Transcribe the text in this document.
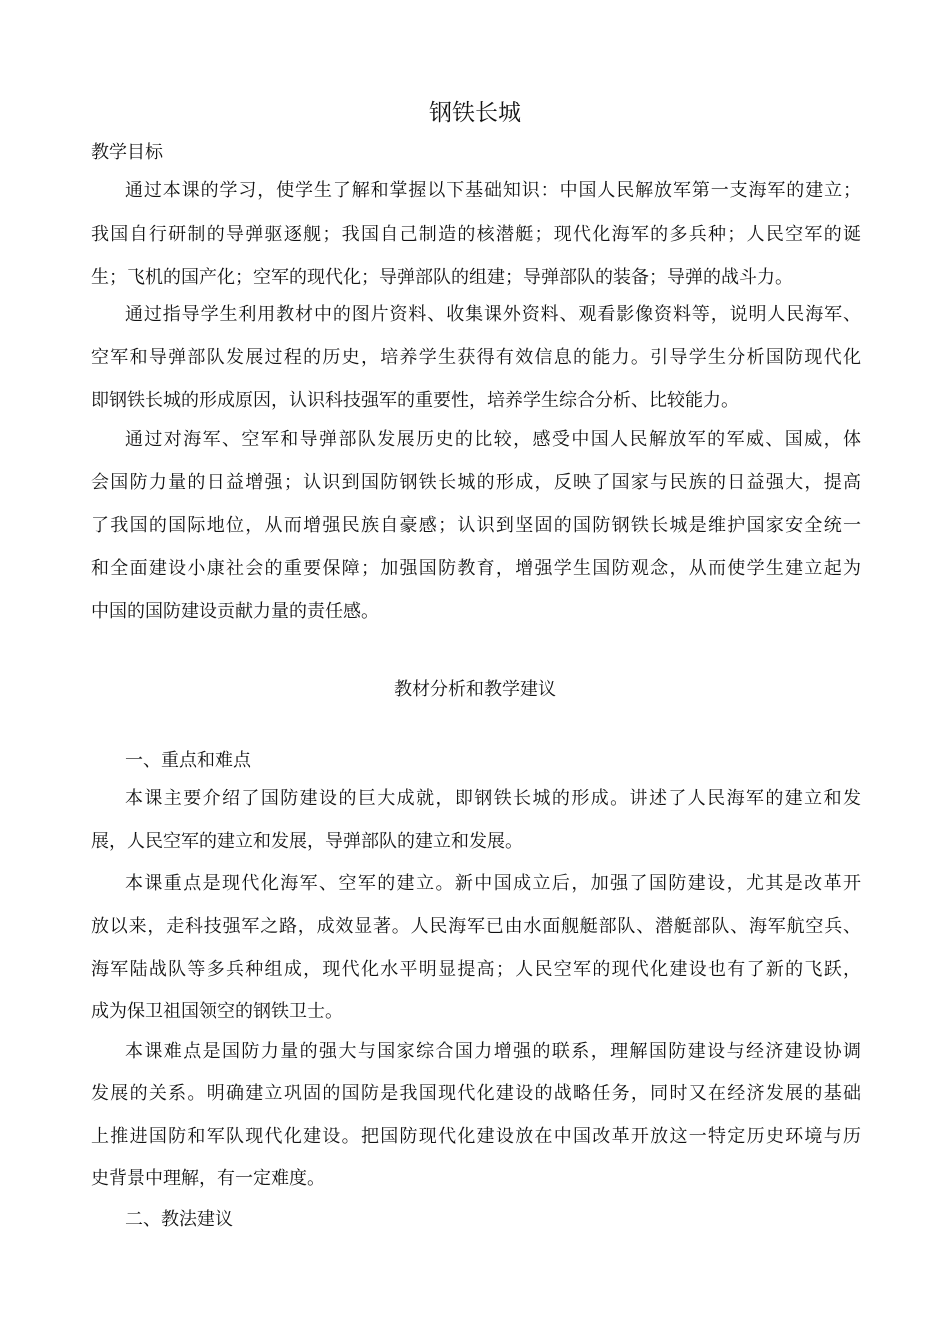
钢铁长城
教学目标
通过本课的学习，使学生了解和掌握以下基础知识：中国人民解放军第一支海军的建立；
我国自行研制的导弹驱逐舰；我国自己制造的核潜艇；现代化海军的多兵种；人民空军的诞
生；飞机的国产化；空军的现代化；导弹部队的组建；导弹部队的装备；导弹的战斗力。
通过指导学生利用教材中的图片资料、收集课外资料、观看影像资料等，说明人民海军、
空军和导弹部队发展过程的历史，培养学生获得有效信息的能力。引导学生分析国防现代化
即钢铁长城的形成原因，认识科技强军的重要性，培养学生综合分析、比较能力。
通过对海军、空军和导弹部队发展历史的比较，感受中国人民解放军的军威、国威，体
会国防力量的日益增强；认识到国防钢铁长城的形成，反映了国家与民族的日益强大，提高
了我国的国际地位，从而增强民族自豪感；认识到坚固的国防钢铁长城是维护国家安全统一
和全面建设小康社会的重要保障；加强国防教育，增强学生国防观念，从而使学生建立起为
中国的国防建设贡献力量的责任感。
教材分析和教学建议
一、重点和难点
本课主要介绍了国防建设的巨大成就，即钢铁长城的形成。讲述了人民海军的建立和发
展，人民空军的建立和发展，导弹部队的建立和发展。
本课重点是现代化海军、空军的建立。新中国成立后，加强了国防建设，尤其是改革开
放以来，走科技强军之路，成效显著。人民海军已由水面舰艇部队、潜艇部队、海军航空兵、
海军陆战队等多兵种组成，现代化水平明显提高；人民空军的现代化建设也有了新的飞跃，
成为保卫祖国领空的钢铁卫士。
本课难点是国防力量的强大与国家综合国力增强的联系，理解国防建设与经济建设协调
发展的关系。明确建立巩固的国防是我国现代化建设的战略任务，同时又在经济发展的基础
上推进国防和军队现代化建设。把国防现代化建设放在中国改革开放这一特定历史环境与历
史背景中理解，有一定难度。
二、教法建议
